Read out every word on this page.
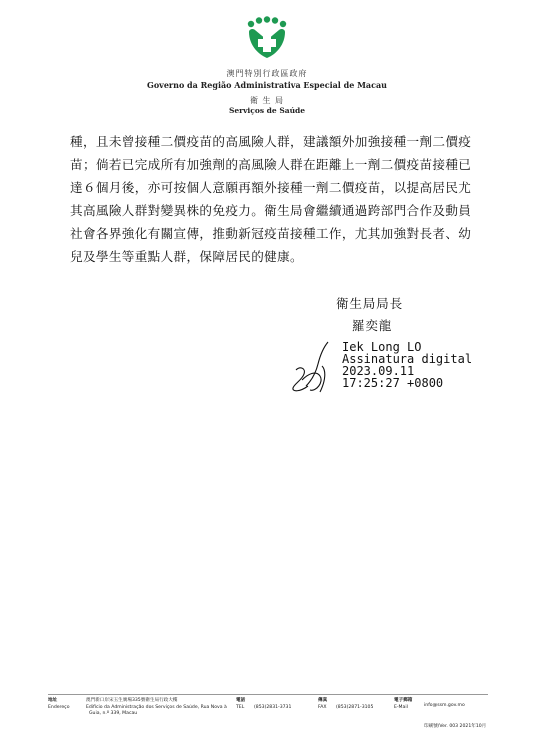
澳門特別行政區政府
Governo da Região Administrativa Especial de Macau
衛 生 局
Serviços de Saúde
種，且未曾接種二價疫苗的高風險人群，建議額外加強接種一劑二價疫
苗；倘若已完成所有加強劑的高風險人群在距離上一劑二價疫苗接種已
達６個月後，亦可按個人意願再額外接種一劑二價疫苗，以提高居民尤
其高風險人群對變異株的免疫力。衛生局會繼續通過跨部門合作及動員
社會各界強化有關宣傳，推動新冠疫苗接種工作，尤其加強對長者、幼
兒及學生等重點人群，保障居民的健康。
衛生局局長
羅奕龍
Iek Long LO
Assinatura digital
2023.09.11
17:25:27 +0800
地址
Endereço
澳門新口岸宋玉生廣場335號衛生局行政大樓
Edifício da Administração dos Serviços de Saúde, Rua Nova à
Guia, n.º 339, Macau
電話
TEL (853)2831-3731
傳真
FAX (853)2871-3105
電子郵箱
E-Mail	info@ssm.gov.mo
印刷號/Ver. 003 2021年10月
